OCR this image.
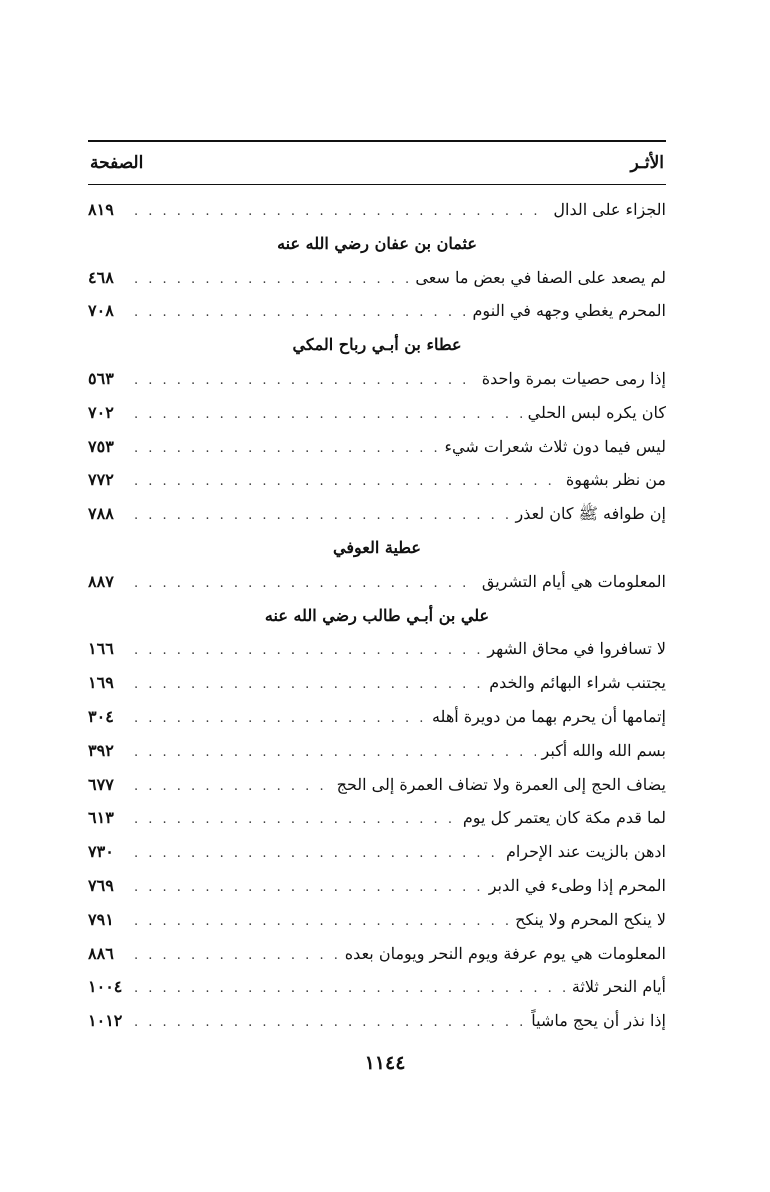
الأثـر
الصفحة
الجزاء على الدال
. . .
٨١٩
عثمان بن عفان رضي الله عنه
لم يصعد على الصفا في بعض ما سعى
. . .
٤٦٨
المحرم يغطي وجهه في النوم
. . .
٧٠٨
عطاء بن أبـي رباح المكي
إذا رمى حصيات بمرة واحدة
. . .
٥٦٣
كان يكره لبس الحلي
. . .
٧٠٢
ليس فيما دون ثلاث شعرات شيء
. . .
٧٥٣
من نظر بشهوة
. . .
٧٧٢
إن طوافه ﷺ كان لعذر
. . .
٧٨٨
عطية العوفي
المعلومات هي أيام التشريق
. . .
٨٨٧
علي بن أبـي طالب رضي الله عنه
لا تسافروا في محاق الشهر
. . .
١٦٦
يجتنب شراء البهائم والخدم
. . .
١٦٩
إتمامها أن يحرم بهما من دويرة أهله
. . .
٣٠٤
بسم الله والله أكبر
. . .
٣٩٢
يضاف الحج إلى العمرة ولا تضاف العمرة إلى الحج
. . .
٦٧٧
لما قدم مكة كان يعتمر كل يوم
. . .
٦١٣
ادهن بالزيت عند الإحرام
. . .
٧٣٠
المحرم إذا وطىء في الدبر
. . .
٧٦٩
لا ينكح المحرم ولا ينكح
. . .
٧٩١
المعلومات هي يوم عرفة ويوم النحر ويومان بعده
. . .
٨٨٦
أيام النحر ثلاثة
. . .
١٠٠٤
إذا نذر أن يحج ماشياً
. . .
١٠١٢
١١٤٤
